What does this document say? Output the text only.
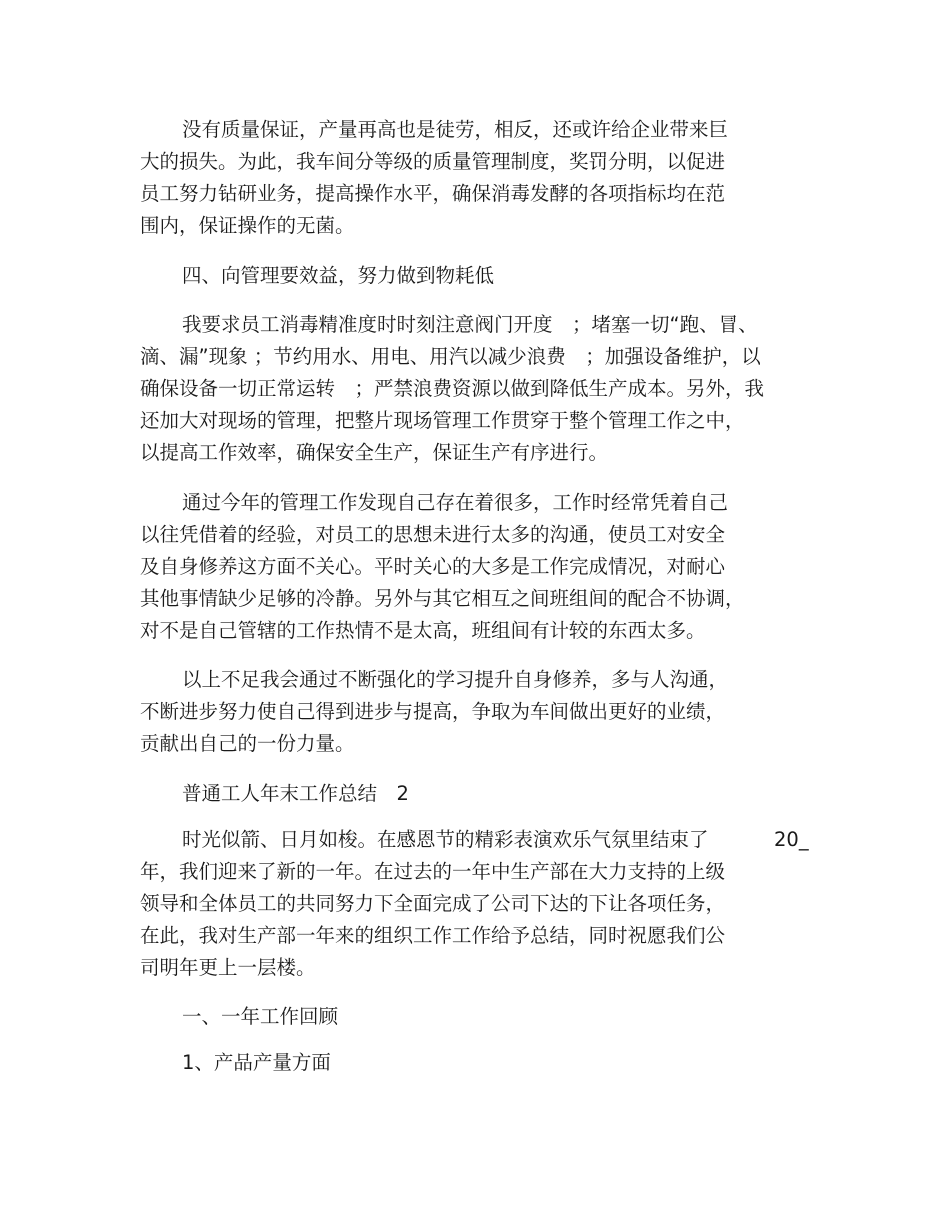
没有质量保证，产量再高也是徒劳，相反，还或许给企业带来巨
大的损失。为此，我车间分等级的质量管理制度，奖罚分明，以促进
员工努力钻研业务，提高操作水平，确保消毒发酵的各项指标均在范
围内，保证操作的无菌。
四、向管理要效益，努力做到物耗低
我要求员工消毒精准度时时刻注意阀门开度　；堵塞一切“跑、冒、
滴、漏”现象 ；节约用水、用电、用汽以减少浪费　；加强设备维护，以
确保设备一切正常运转　；严禁浪费资源以做到降低生产成本。另外，我
还加大对现场的管理，把整片现场管理工作贯穿于整个管理工作之中，
以提高工作效率，确保安全生产，保证生产有序进行。
通过今年的管理工作发现自己存在着很多，工作时经常凭着自己
以往凭借着的经验，对员工的思想未进行太多的沟通，使员工对安全
及自身修养这方面不关心。平时关心的大多是工作完成情况，对耐心
其他事情缺少足够的冷静。另外与其它相互之间班组间的配合不协调，
对不是自己管辖的工作热情不是太高，班组间有计较的东西太多。
以上不足我会通过不断强化的学习提升自身修养，多与人沟通，
不断进步努力使自己得到进步与提高，争取为车间做出更好的业绩，
贡献出自己的一份力量。
普通工人年末工作总结　2
时光似箭、日月如梭。在感恩节的精彩表演欢乐气氛里结束了	20_
年，我们迎来了新的一年。在过去的一年中生产部在大力支持的上级
领导和全体员工的共同努力下全面完成了公司下达的下让各项任务，
在此，我对生产部一年来的组织工作工作给予总结，同时祝愿我们公
司明年更上一层楼。
一、一年工作回顾
1、产品产量方面
